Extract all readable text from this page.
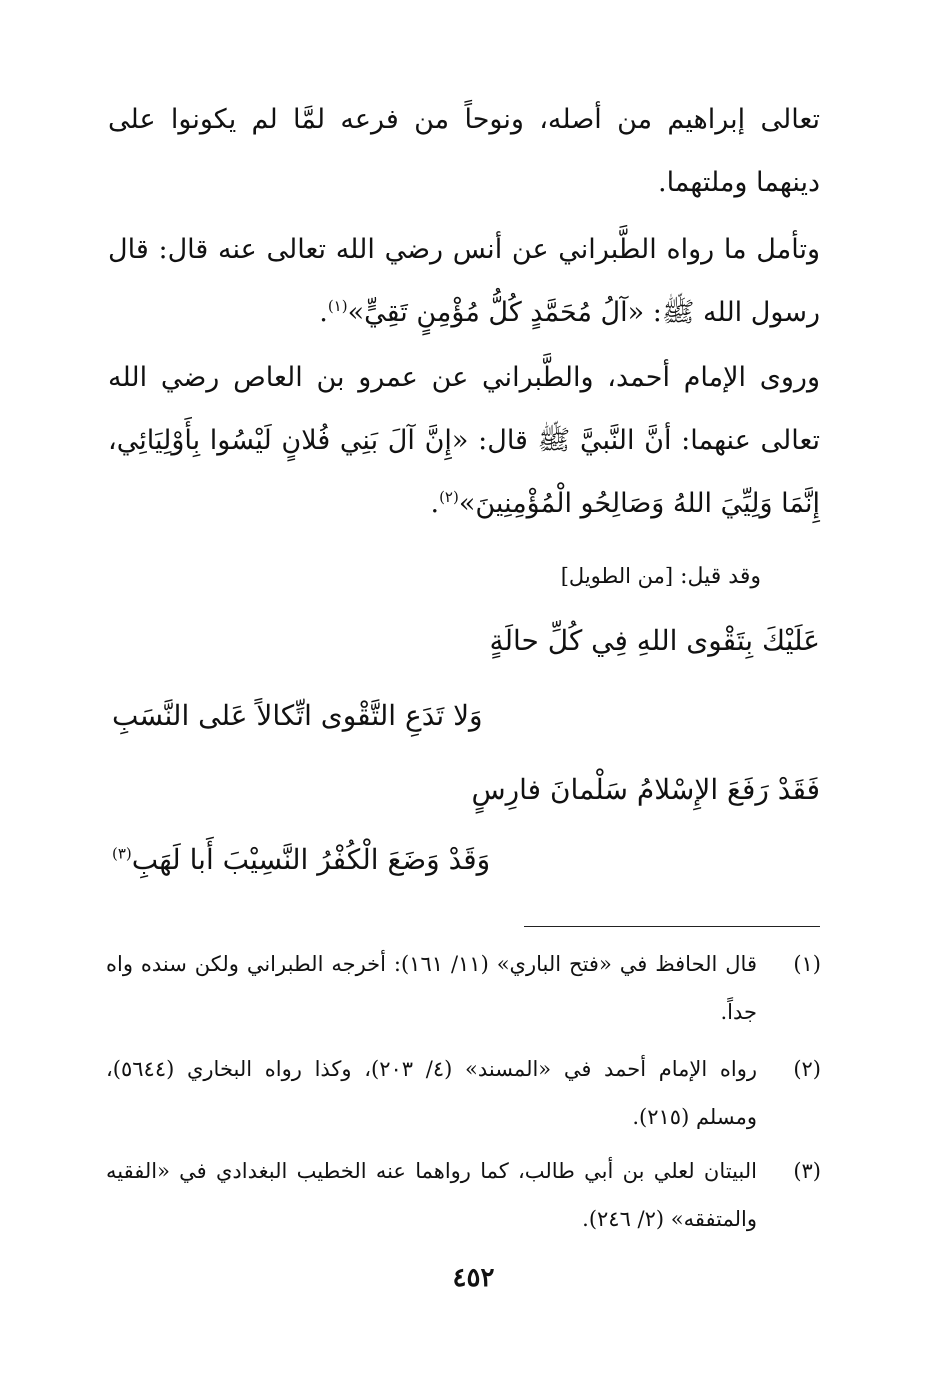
تعالى إبراهيم من أصله، ونوحاً من فرعه لمَّا لم يكونوا على دينهما وملتهما.

وتأمل ما رواه الطَّبراني عن أنس رضي الله تعالى عنه قال: قال رسول الله ﷺ: «آلُ مُحَمَّدٍ كُلُّ مُؤْمِنٍ تَقِيٍّ»$^{(١)}$.

وروى الإمام أحمد، والطَّبراني عن عمرو بن العاص رضي الله تعالى عنهما: أنَّ النَّبيَّ ﷺ قال: «إِنَّ آلَ بَنِي فُلانٍ لَيْسُوا بِأَوْلِيَائِي، إِنَّمَا وَلِيِّيَ اللهُ وَصَالِحُو الْمُؤْمِنِينَ»$^{(٢)}$.

وقد قيل: [من الطويل]

عَلَيْكَ بِتَقْوى اللهِ فِي كُلِّ حالَةٍ

وَلا تَدَعِ التَّقْوى اتِّكالاً عَلى النَّسَبِ

فَقَدْ رَفَعَ الإِسْلامُ سَلْمانَ فارِسٍ

وَقَدْ وَضَعَ الْكُفْرُ النَّسِيْبَ أَبا لَهَبِ$^{(٣)}$

(١)
قال الحافظ في «فتح الباري» (١١/ ١٦١): أخرجه الطبراني ولكن سنده واه جداً.

(٢)
رواه الإمام أحمد في «المسند» (٤/ ٢٠٣)، وكذا رواه البخاري (٥٦٤٤)، ومسلم (٢١٥).

(٣)
البيتان لعلي بن أبي طالب، كما رواهما عنه الخطيب البغدادي في «الفقيه والمتفقه» (٢/ ٢٤٦).

٤٥٢
